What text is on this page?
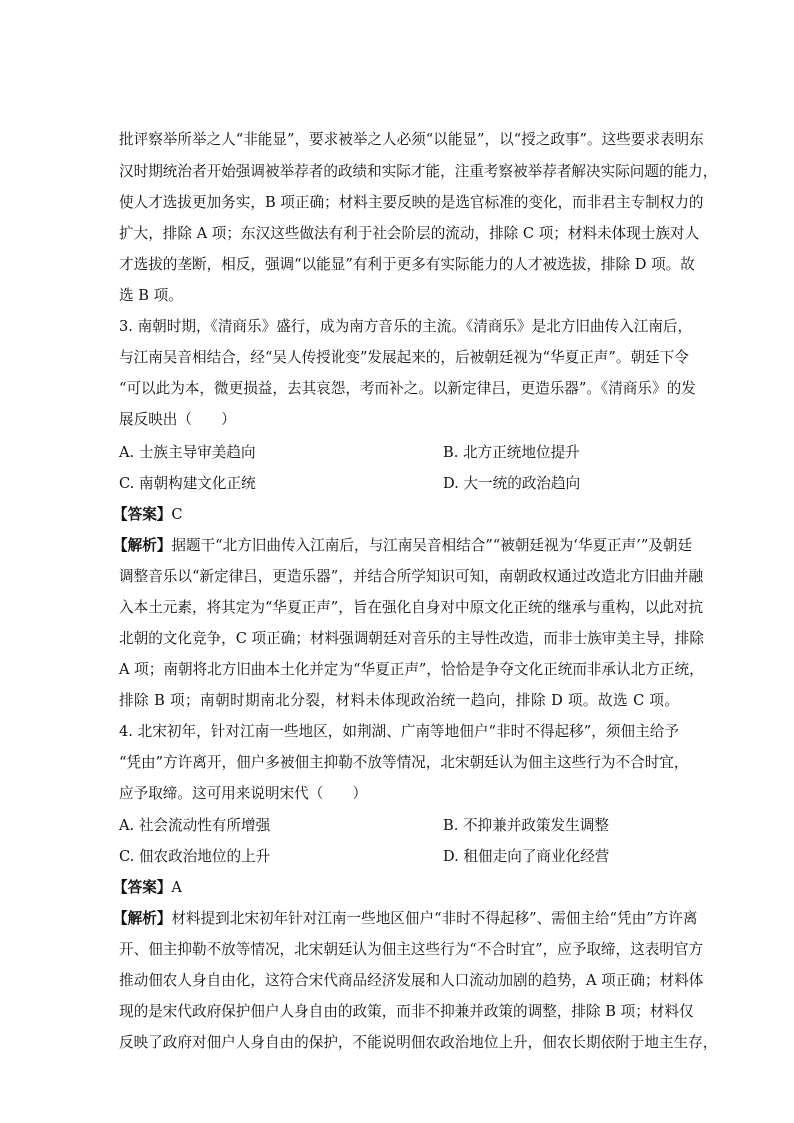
批评察举所举之人“非能显”，要求被举之人必须“以能显”，以“授之政事”。这些要求表明东
汉时期统治者开始强调被举荐者的政绩和实际才能，注重考察被举荐者解决实际问题的能力，
使人才选拔更加务实，B 项正确；材料主要反映的是选官标准的变化，而非君主专制权力的
扩大，排除 A 项；东汉这些做法有利于社会阶层的流动，排除 C 项；材料未体现士族对人
才选拔的垄断，相反，强调“以能显”有利于更多有实际能力的人才被选拔，排除 D 项。故
选 B 项。
3. 南朝时期，《清商乐》盛行，成为南方音乐的主流。《清商乐》是北方旧曲传入江南后，
与江南吴音相结合，经“吴人传授讹变”发展起来的，后被朝廷视为“华夏正声”。朝廷下令
“可以此为本，微更损益，去其哀怨，考而补之。以新定律吕，更造乐器”。《清商乐》的发
展反映出（　　）
A. 士族主导审美趋向	B. 北方正统地位提升
C. 南朝构建文化正统	D. 大一统的政治趋向
【答案】C
【解析】据题干“北方旧曲传入江南后，与江南吴音相结合”“被朝廷视为‘华夏正声’”及朝廷
调整音乐以“新定律吕，更造乐器”，并结合所学知识可知，南朝政权通过改造北方旧曲并融
入本土元素，将其定为“华夏正声”，旨在强化自身对中原文化正统的继承与重构，以此对抗
北朝的文化竞争，C 项正确；材料强调朝廷对音乐的主导性改造，而非士族审美主导，排除
A 项；南朝将北方旧曲本土化并定为“华夏正声”，恰恰是争夺文化正统而非承认北方正统，
排除 B 项；南朝时期南北分裂，材料未体现政治统一趋向，排除 D 项。故选 C 项。
4. 北宋初年，针对江南一些地区，如荆湖、广南等地佃户“非时不得起移”，须佃主给予
“凭由”方许离开，佃户多被佃主抑勒不放等情况，北宋朝廷认为佃主这些行为不合时宜，
应予取缔。这可用来说明宋代（　　）
A. 社会流动性有所增强	B. 不抑兼并政策发生调整
C. 佃农政治地位的上升	D. 租佃走向了商业化经营
【答案】A
【解析】材料提到北宋初年针对江南一些地区佃户“非时不得起移”、需佃主给“凭由”方许离
开、佃主抑勒不放等情况，北宋朝廷认为佃主这些行为“不合时宜”，应予取缔，这表明官方
推动佃农人身自由化，这符合宋代商品经济发展和人口流动加剧的趋势，A 项正确；材料体
现的是宋代政府保护佃户人身自由的政策，而非不抑兼并政策的调整，排除 B 项；材料仅
反映了政府对佃户人身自由的保护，不能说明佃农政治地位上升，佃农长期依附于地主生存，
